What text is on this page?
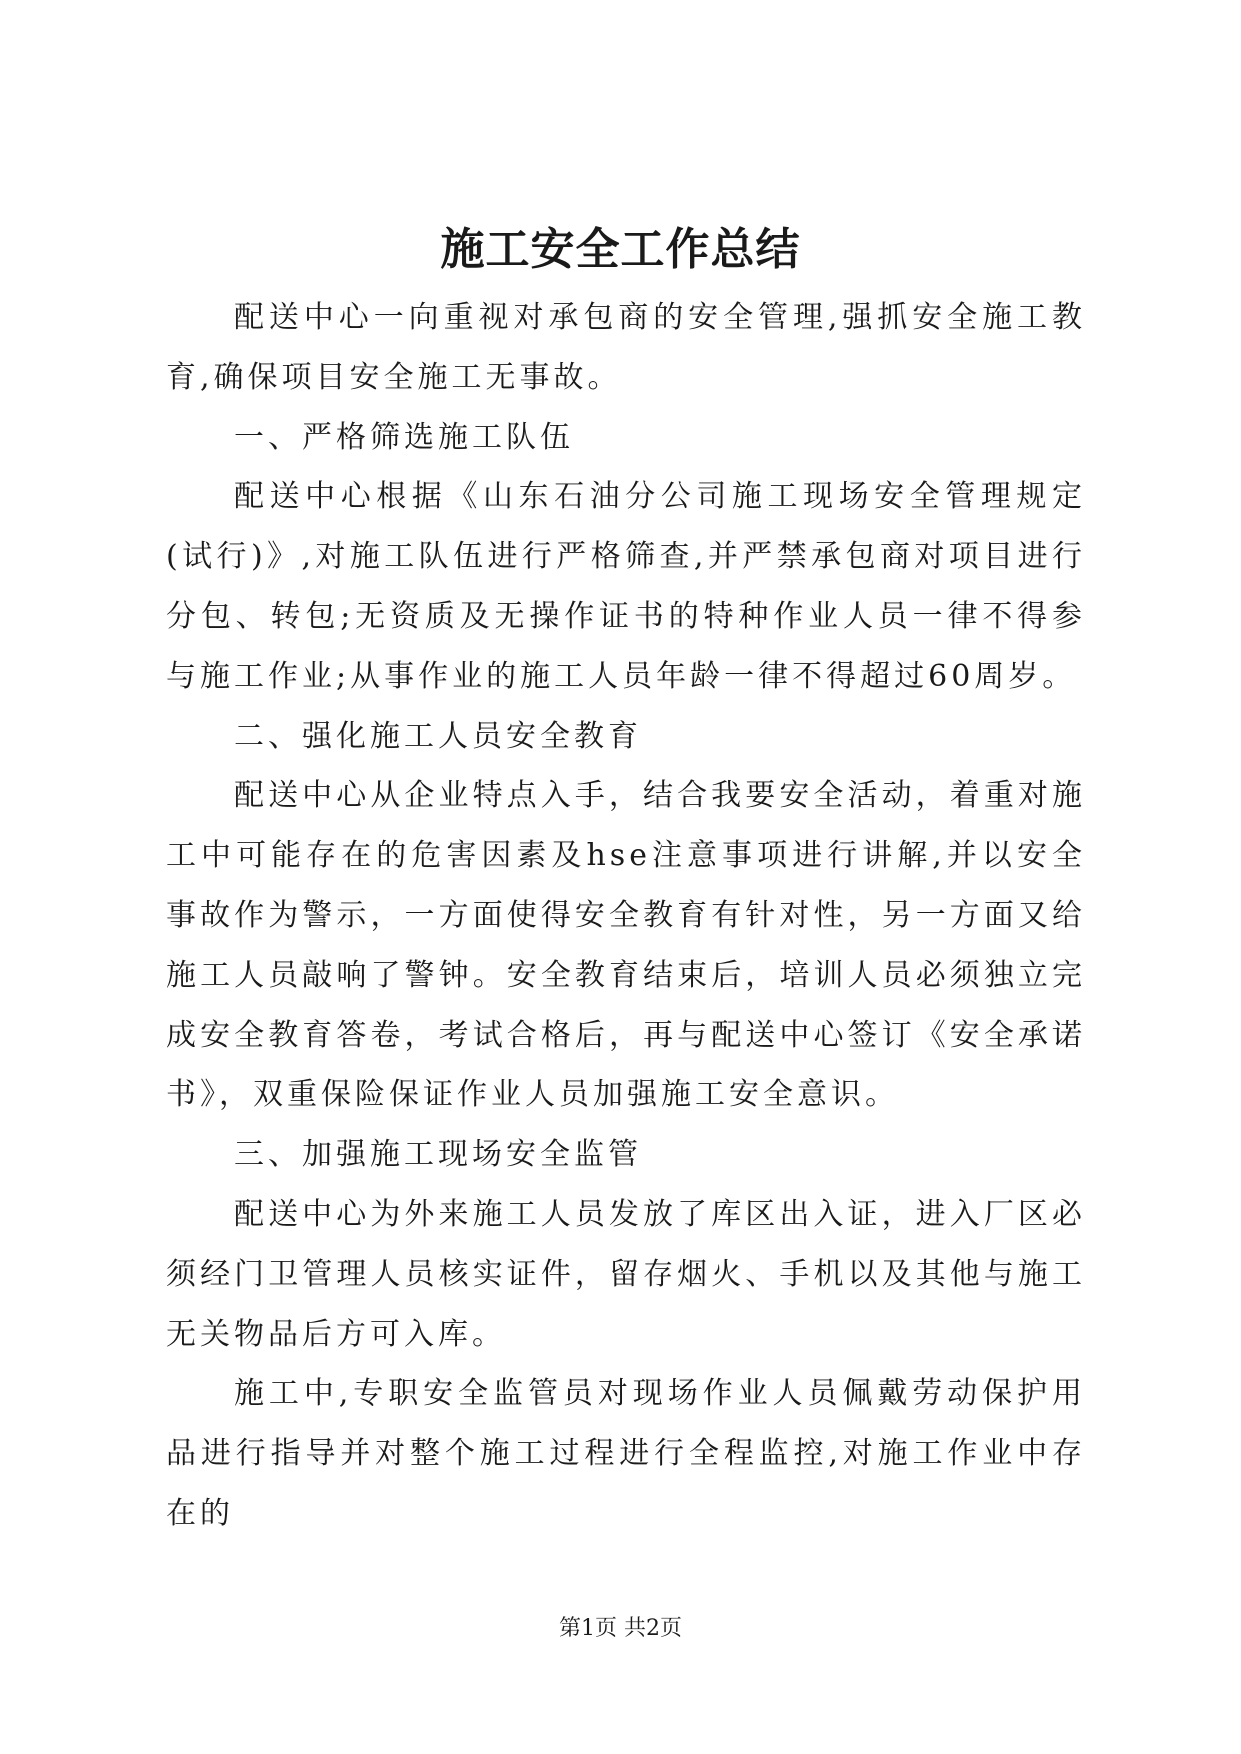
施工安全工作总结

配送中心一向重视对承包商的安全管理,强抓安全施工教育,确保项目安全施工无事故。

一、严格筛选施工队伍

配送中心根据《山东石油分公司施工现场安全管理规定(试行)》,对施工队伍进行严格筛查,并严禁承包商对项目进行分包、转包;无资质及无操作证书的特种作业人员一律不得参与施工作业;从事作业的施工人员年龄一律不得超过60周岁。

二、强化施工人员安全教育

配送中心从企业特点入手，结合我要安全活动，着重对施工中可能存在的危害因素及hse注意事项进行讲解,并以安全事故作为警示，一方面使得安全教育有针对性，另一方面又给施工人员敲响了警钟。安全教育结束后，培训人员必须独立完成安全教育答卷，考试合格后，再与配送中心签订《安全承诺书》，双重保险保证作业人员加强施工安全意识。

三、加强施工现场安全监管

配送中心为外来施工人员发放了库区出入证，进入厂区必须经门卫管理人员核实证件，留存烟火、手机以及其他与施工无关物品后方可入库。

施工中,专职安全监管员对现场作业人员佩戴劳动保护用品进行指导并对整个施工过程进行全程监控,对施工作业中存在的

第1页 共2页
